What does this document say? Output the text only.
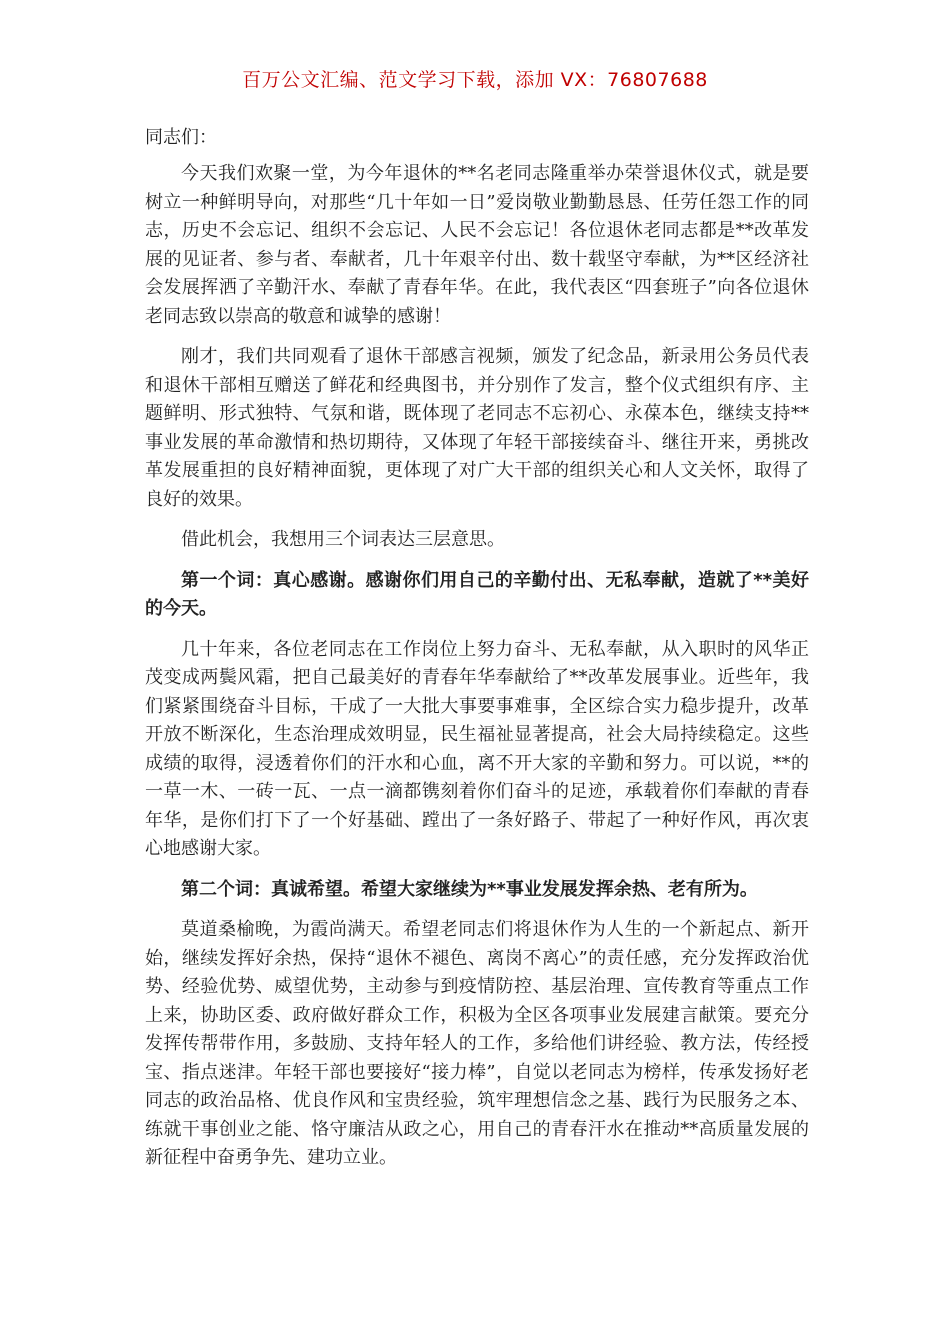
百万公文汇编、范文学习下载，添加 VX：76807688

同志们：

今天我们欢聚一堂，为今年退休的**名老同志隆重举办荣誉退休仪式，就是要树立一种鲜明导向，对那些“几十年如一日”爱岗敬业勤勤恳恳、任劳任怨工作的同志，历史不会忘记、组织不会忘记、人民不会忘记！各位退休老同志都是**改革发展的见证者、参与者、奉献者，几十年艰辛付出、数十载坚守奉献，为**区经济社会发展挥洒了辛勤汗水、奉献了青春年华。在此，我代表区“四套班子”向各位退休老同志致以崇高的敬意和诚挚的感谢！

刚才，我们共同观看了退休干部感言视频，颁发了纪念品，新录用公务员代表和退休干部相互赠送了鲜花和经典图书，并分别作了发言，整个仪式组织有序、主题鲜明、形式独特、气氛和谐，既体现了老同志不忘初心、永葆本色，继续支持**事业发展的革命激情和热切期待，又体现了年轻干部接续奋斗、继往开来，勇挑改革发展重担的良好精神面貌，更体现了对广大干部的组织关心和人文关怀，取得了良好的效果。

借此机会，我想用三个词表达三层意思。

第一个词：真心感谢。感谢你们用自己的辛勤付出、无私奉献，造就了**美好的今天。

几十年来，各位老同志在工作岗位上努力奋斗、无私奉献，从入职时的风华正茂变成两鬓风霜，把自己最美好的青春年华奉献给了**改革发展事业。近些年，我们紧紧围绕奋斗目标，干成了一大批大事要事难事，全区综合实力稳步提升，改革开放不断深化，生态治理成效明显，民生福祉显著提高，社会大局持续稳定。这些成绩的取得，浸透着你们的汗水和心血，离不开大家的辛勤和努力。可以说，**的一草一木、一砖一瓦、一点一滴都镌刻着你们奋斗的足迹，承载着你们奉献的青春年华，是你们打下了一个好基础、蹚出了一条好路子、带起了一种好作风，再次衷心地感谢大家。

第二个词：真诚希望。希望大家继续为**事业发展发挥余热、老有所为。

莫道桑榆晚，为霞尚满天。希望老同志们将退休作为人生的一个新起点、新开始，继续发挥好余热，保持“退休不褪色、离岗不离心”的责任感，充分发挥政治优势、经验优势、威望优势，主动参与到疫情防控、基层治理、宣传教育等重点工作上来，协助区委、政府做好群众工作，积极为全区各项事业发展建言献策。要充分发挥传帮带作用，多鼓励、支持年轻人的工作，多给他们讲经验、教方法，传经授宝、指点迷津。年轻干部也要接好“接力棒”，自觉以老同志为榜样，传承发扬好老同志的政治品格、优良作风和宝贵经验，筑牢理想信念之基、践行为民服务之本、练就干事创业之能、恪守廉洁从政之心，用自己的青春汗水在推动**高质量发展的新征程中奋勇争先、建功立业。
